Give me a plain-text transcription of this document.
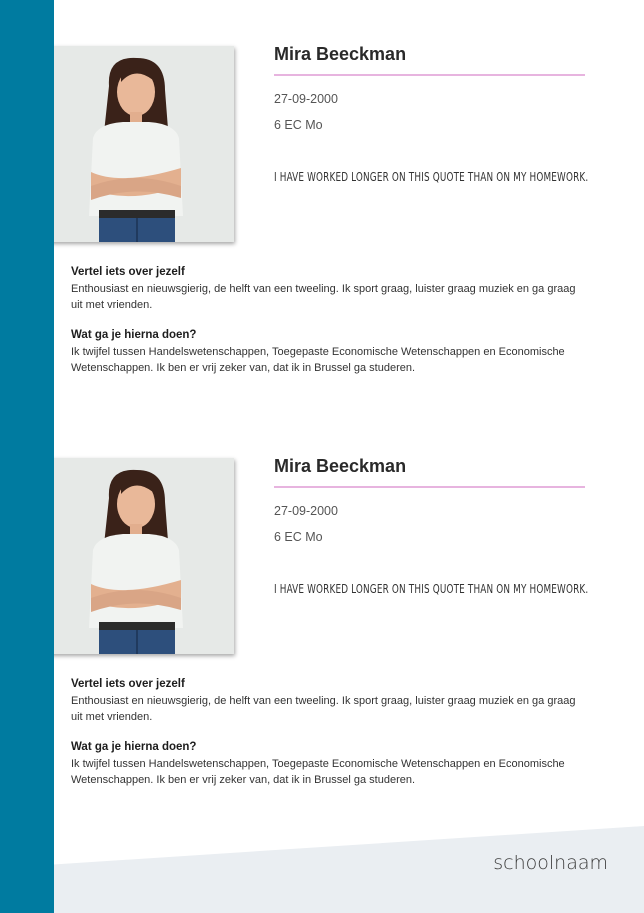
Mira Beeckman
27-09-2000
6 EC Mo
I HAVE WORKED LONGER ON THIS QUOTE THAN ON MY HOMEWORK.
Vertel iets over jezelf
Enthousiast en nieuwsgierig, de helft van een tweeling. Ik sport graag, luister graag muziek en ga graag uit met vrienden.
Wat ga je hierna doen?
Ik twijfel tussen Handelswetenschappen, Toegepaste Economische Wetenschappen en Economische Wetenschappen. Ik ben er vrij zeker van, dat ik in Brussel ga studeren.
Mira Beeckman
27-09-2000
6 EC Mo
I HAVE WORKED LONGER ON THIS QUOTE THAN ON MY HOMEWORK.
Vertel iets over jezelf
Enthousiast en nieuwsgierig, de helft van een tweeling. Ik sport graag, luister graag muziek en ga graag uit met vrienden.
Wat ga je hierna doen?
Ik twijfel tussen Handelswetenschappen, Toegepaste Economische Wetenschappen en Economische Wetenschappen. Ik ben er vrij zeker van, dat ik in Brussel ga studeren.
schoolnaam
